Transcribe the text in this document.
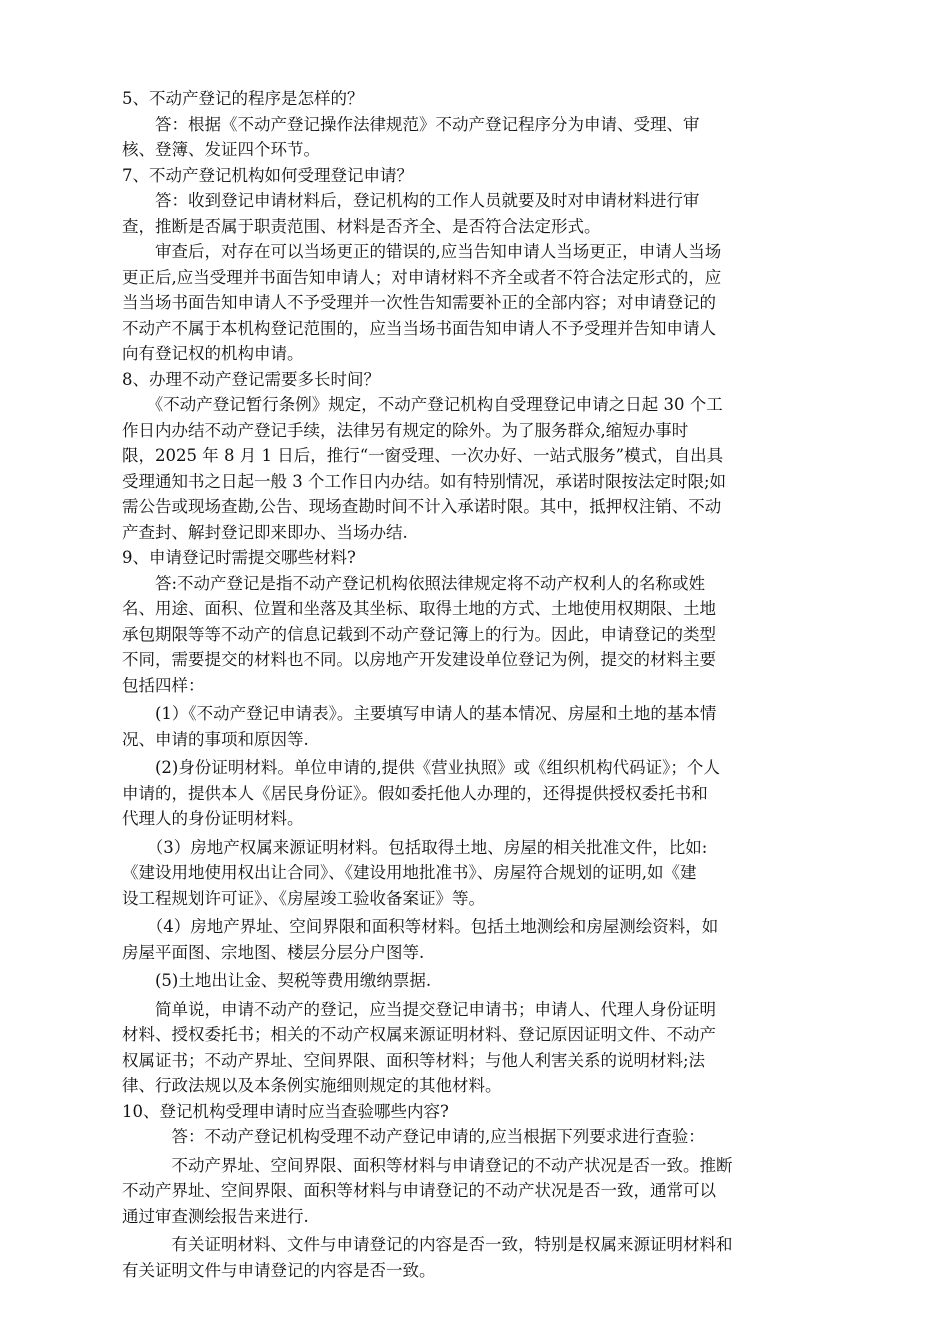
5、不动产登记的程序是怎样的？
　　答：根据《不动产登记操作法律规范》不动产登记程序分为申请、受理、审
核、登簿、发证四个环节。
7、不动产登记机构如何受理登记申请？
　　答：收到登记申请材料后，登记机构的工作人员就要及时对申请材料进行审
查，推断是否属于职责范围、材料是否齐全、是否符合法定形式。
　　审查后，对存在可以当场更正的错误的,应当告知申请人当场更正，申请人当场
更正后,应当受理并书面告知申请人；对申请材料不齐全或者不符合法定形式的，应
当当场书面告知申请人不予受理并一次性告知需要补正的全部内容；对申请登记的
不动产不属于本机构登记范围的，应当当场书面告知申请人不予受理并告知申请人
向有登记权的机构申请。
8、办理不动产登记需要多长时间？
　　《不动产登记暂行条例》规定，不动产登记机构自受理登记申请之日起 30 个工
作日内办结不动产登记手续，法律另有规定的除外。为了服务群众,缩短办事时
限，2025 年 8 月 1 日后，推行“一窗受理、一次办好、一站式服务”模式，自出具
受理通知书之日起一般 3 个工作日内办结。如有特别情况，承诺时限按法定时限;如
需公告或现场查勘,公告、现场查勘时间不计入承诺时限。其中，抵押权注销、不动
产查封、解封登记即来即办、当场办结.
9、申请登记时需提交哪些材料?
　　答:不动产登记是指不动产登记机构依照法律规定将不动产权利人的名称或姓
名、用途、面积、位置和坐落及其坐标、取得土地的方式、土地使用权期限、土地
承包期限等等不动产的信息记载到不动产登记簿上的行为。因此，申请登记的类型
不同，需要提交的材料也不同。以房地产开发建设单位登记为例，提交的材料主要
包括四样：
　　(1）《不动产登记申请表》。主要填写申请人的基本情况、房屋和土地的基本情
况、申请的事项和原因等.
　　(2)身份证明材料。单位申请的,提供《营业执照》或《组织机构代码证》；个人
申请的，提供本人《居民身份证》。假如委托他人办理的，还得提供授权委托书和
代理人的身份证明材料。
　　（3）房地产权属来源证明材料。包括取得土地、房屋的相关批准文件，比如:
《建设用地使用权出让合同》、《建设用地批准书》、房屋符合规划的证明,如《建
设工程规划许可证》、《房屋竣工验收备案证》等。
　　（4）房地产界址、空间界限和面积等材料。包括土地测绘和房屋测绘资料，如
房屋平面图、宗地图、楼层分层分户图等.
　　(5)土地出让金、契税等费用缴纳票据.
　　简单说，申请不动产的登记，应当提交登记申请书；申请人、代理人身份证明
材料、授权委托书；相关的不动产权属来源证明材料、登记原因证明文件、不动产
权属证书；不动产界址、空间界限、面积等材料；与他人利害关系的说明材料;法
律、行政法规以及本条例实施细则规定的其他材料。
10、登记机构受理申请时应当查验哪些内容?
　　　答：不动产登记机构受理不动产登记申请的,应当根据下列要求进行查验：
　　　不动产界址、空间界限、面积等材料与申请登记的不动产状况是否一致。推断
不动产界址、空间界限、面积等材料与申请登记的不动产状况是否一致，通常可以
通过审查测绘报告来进行.
　　　有关证明材料、文件与申请登记的内容是否一致，特别是权属来源证明材料和
有关证明文件与申请登记的内容是否一致。
